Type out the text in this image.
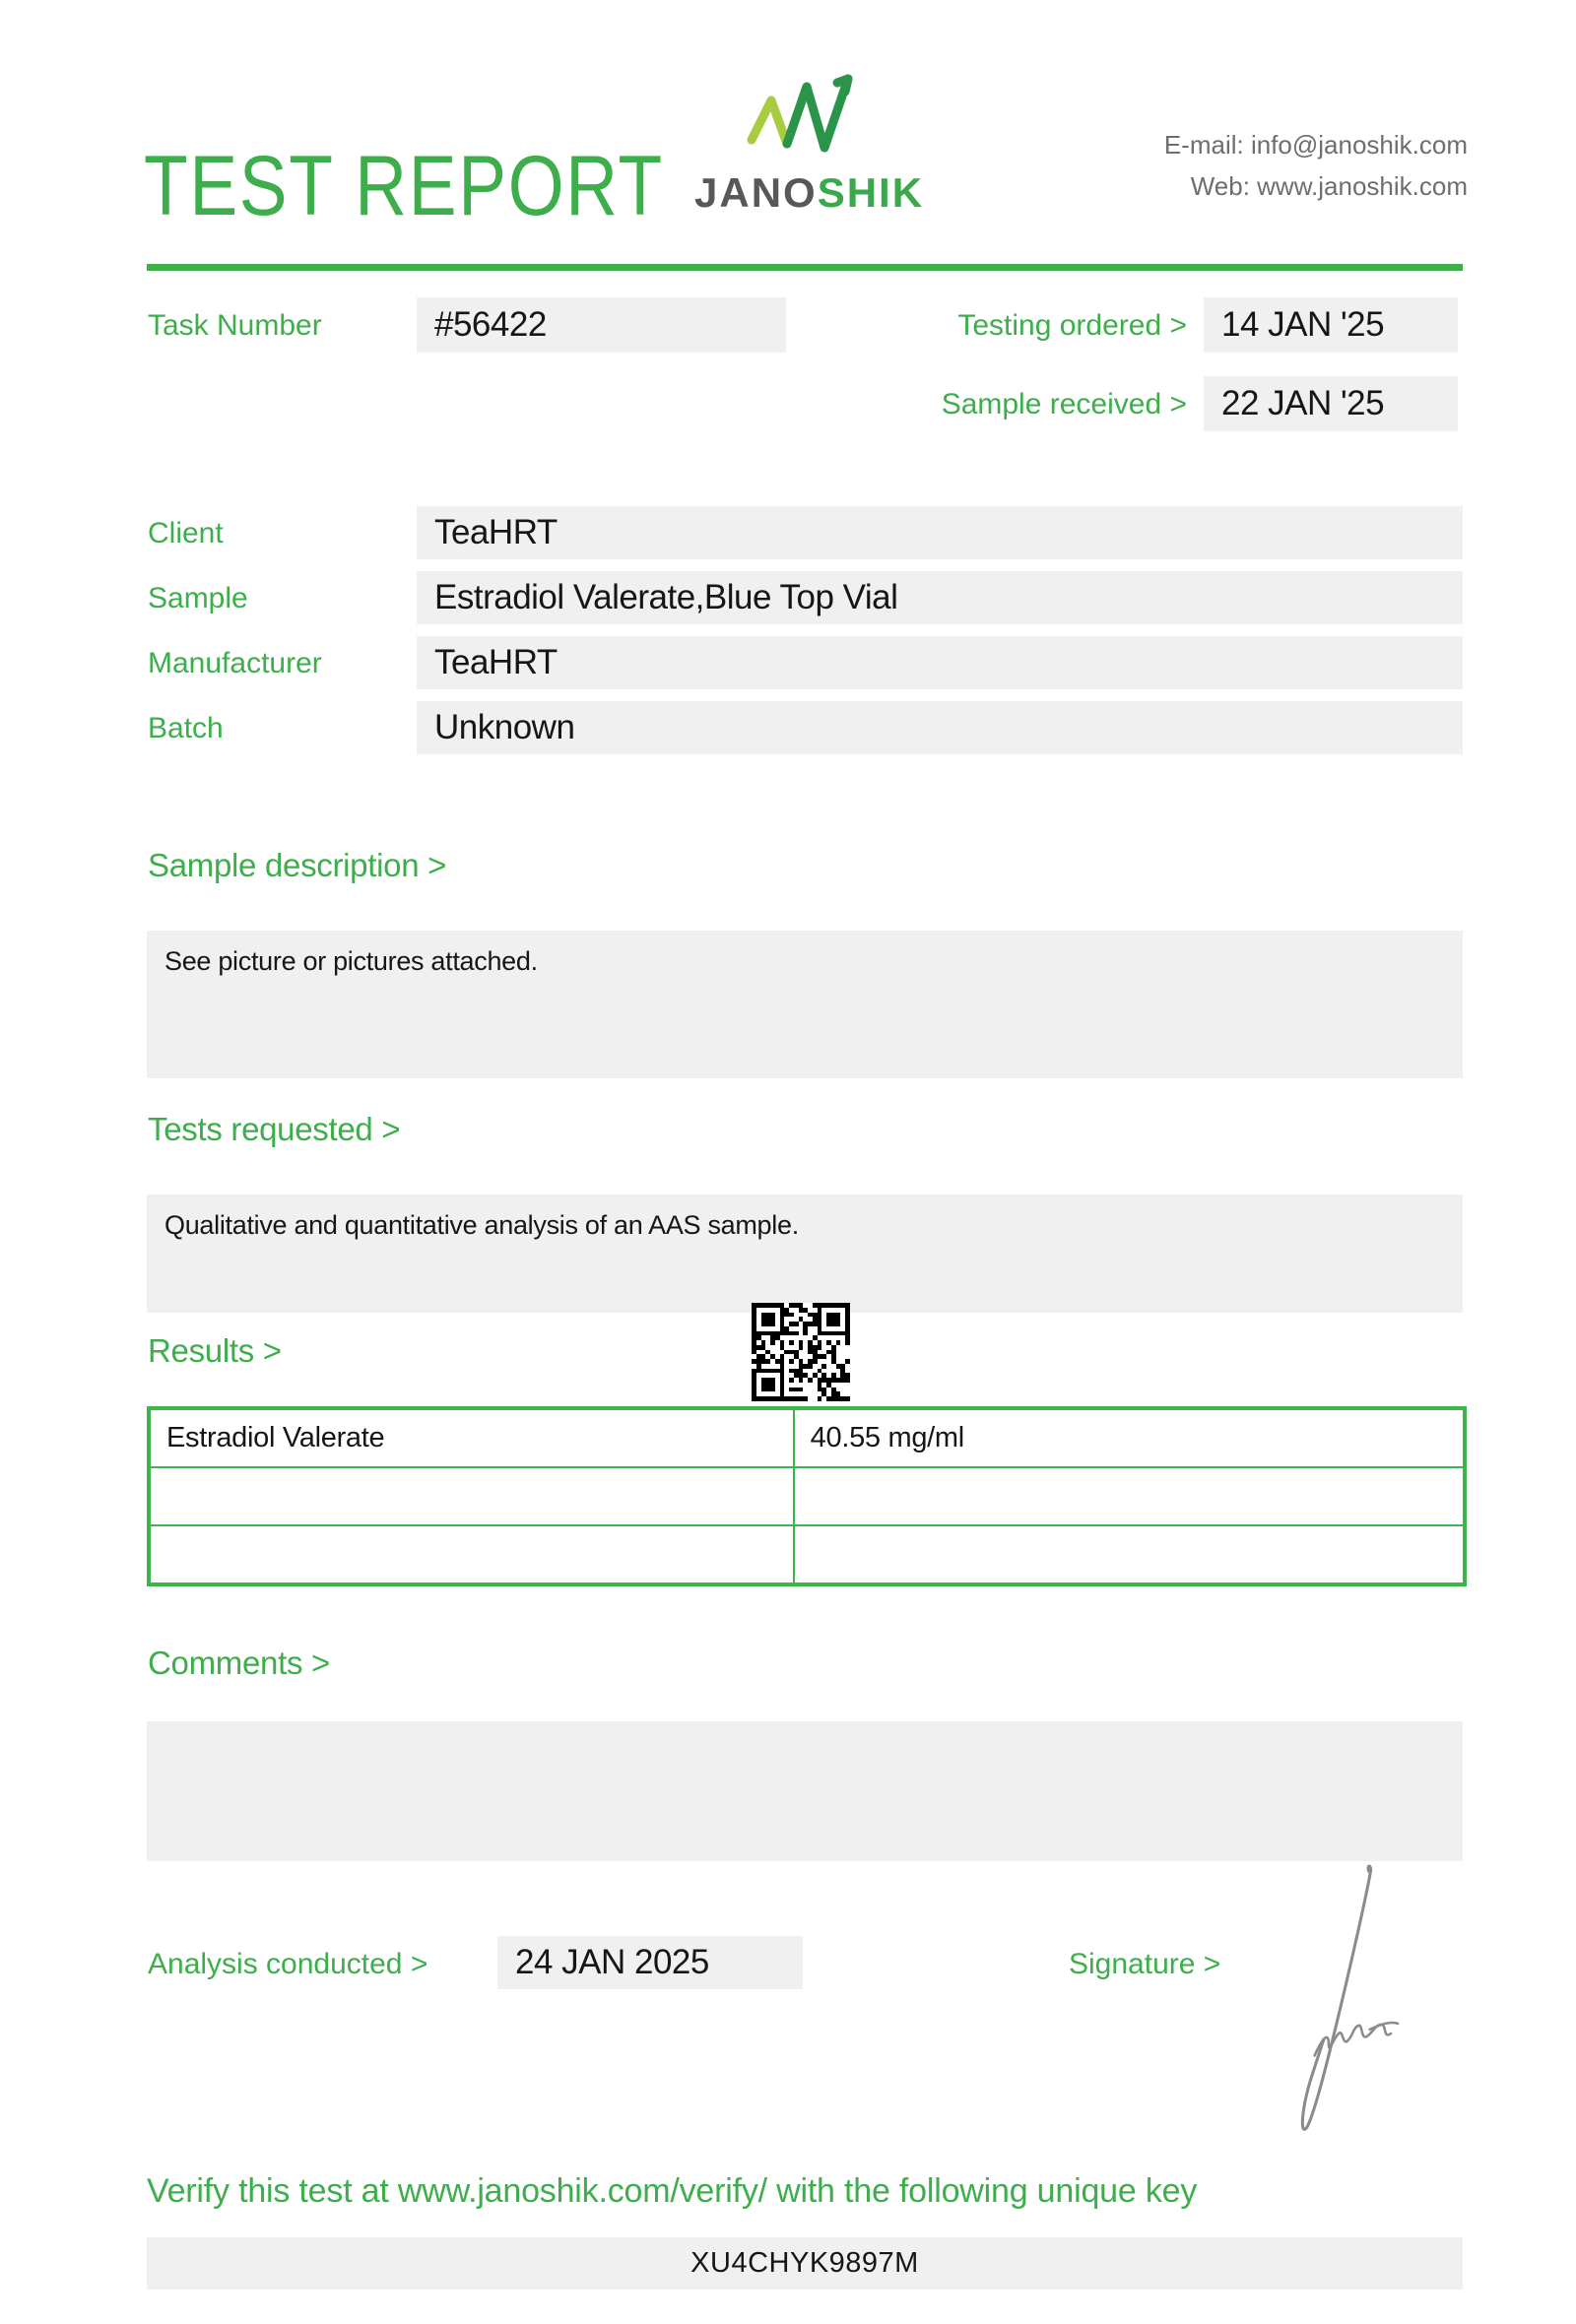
TEST REPORT JANOSHIK
E-mail: info@janoshik.com
Web: www.janoshik.com
Task Number	#56422	Testing ordered >	14 JAN '25
Sample received >	22 JAN '25
Client	TeaHRT
Sample	Estradiol Valerate,Blue Top Vial
Manufacturer	TeaHRT
Batch	Unknown
Sample description >
See picture or pictures attached.
Tests requested >
Qualitative and quantitative analysis of an AAS sample.
Results >
Estradiol Valerate	40.55 mg/ml

Comments >
Analysis conducted >	24 JAN 2025	Signature >
Verify this test at www.janoshik.com/verify/ with the following unique key
XU4CHYK9897M
